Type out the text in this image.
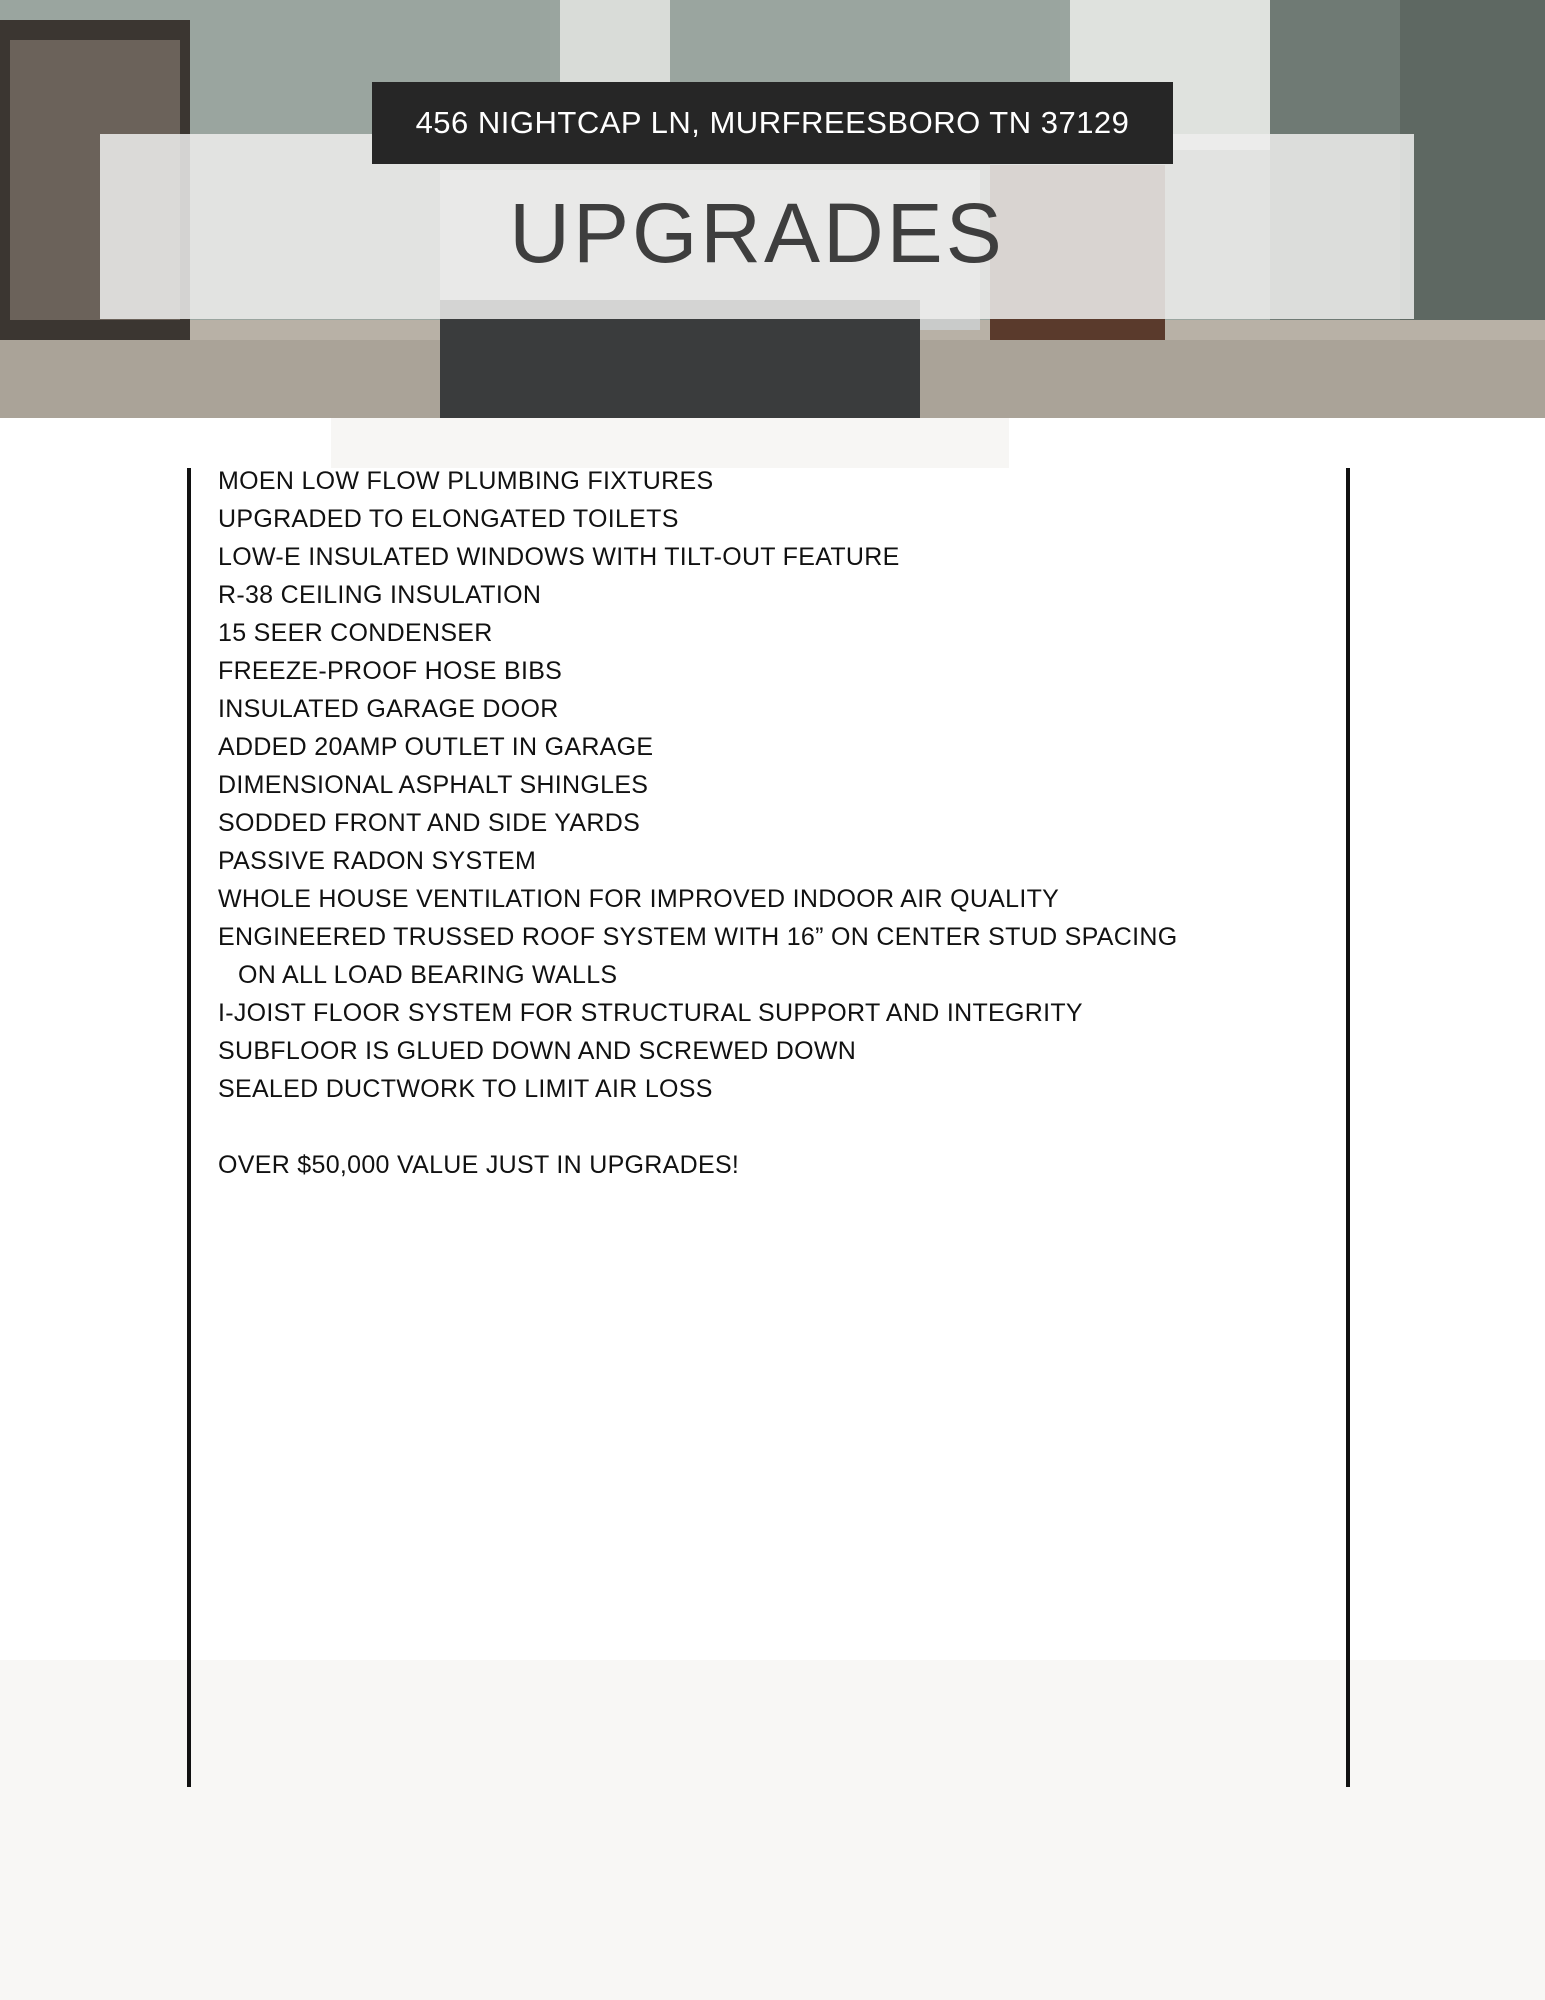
UPGRADES
456 NIGHTCAP LN, MURFREESBORO TN 37129
MOEN LOW FLOW PLUMBING FIXTURES
UPGRADED TO ELONGATED TOILETS
LOW-E INSULATED WINDOWS WITH TILT-OUT FEATURE
R-38 CEILING INSULATION
15 SEER CONDENSER
FREEZE-PROOF HOSE BIBS
INSULATED GARAGE DOOR
ADDED 20AMP OUTLET IN GARAGE
DIMENSIONAL ASPHALT SHINGLES
SODDED FRONT AND SIDE YARDS
PASSIVE RADON SYSTEM
WHOLE HOUSE VENTILATION FOR IMPROVED INDOOR AIR QUALITY
ENGINEERED TRUSSED ROOF SYSTEM WITH 16” ON CENTER STUD SPACING
ON ALL LOAD BEARING WALLS
I-JOIST FLOOR SYSTEM FOR STRUCTURAL SUPPORT AND INTEGRITY
SUBFLOOR IS GLUED DOWN AND SCREWED DOWN
SEALED DUCTWORK TO LIMIT AIR LOSS
OVER $50,000 VALUE JUST IN UPGRADES!
